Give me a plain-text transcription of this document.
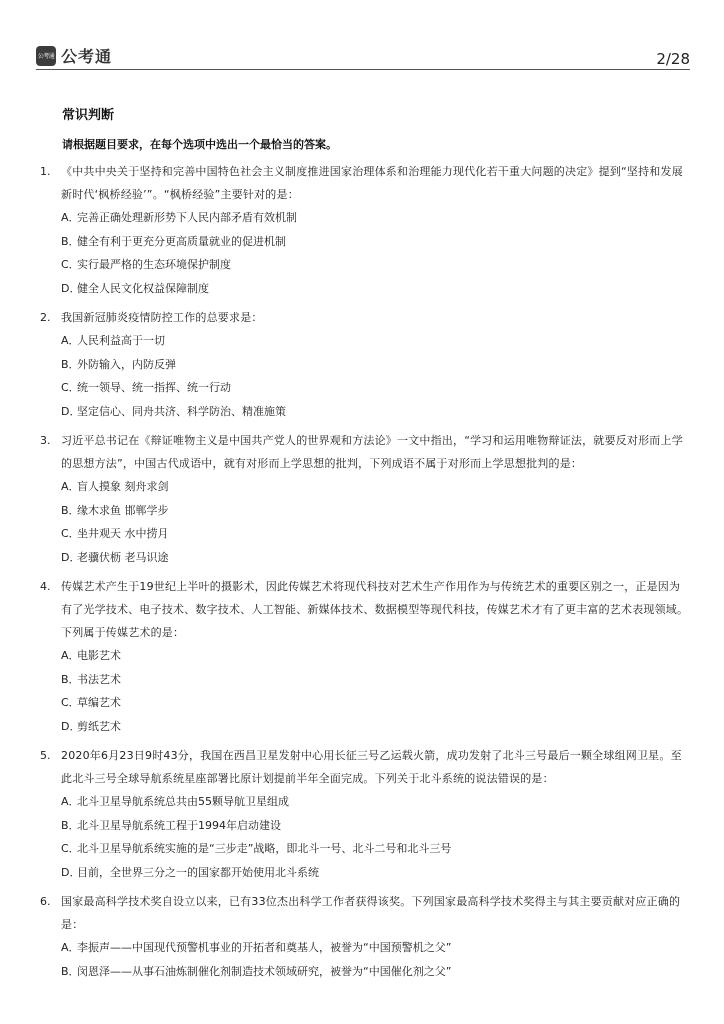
公考通 公考通	2/28
常识判断
请根据题目要求，在每个选项中选出一个最恰当的答案。
1. 《中共中央关于坚持和完善中国特色社会主义制度推进国家治理体系和治理能力现代化若干重大问题的决定》提到“坚持和发展新时代‘枫桥经验’”。“枫桥经验”主要针对的是：
A．完善正确处理新形势下人民内部矛盾有效机制
B．健全有利于更充分更高质量就业的促进机制
C．实行最严格的生态环境保护制度
D．健全人民文化权益保障制度
2. 我国新冠肺炎疫情防控工作的总要求是：
A．人民利益高于一切
B．外防输入，内防反弹
C．统一领导、统一指挥、统一行动
D．坚定信心、同舟共济、科学防治、精准施策
3. 习近平总书记在《辩证唯物主义是中国共产党人的世界观和方法论》一文中指出，“学习和运用唯物辩证法，就要反对形而上学的思想方法”，中国古代成语中，就有对形而上学思想的批判，下列成语不属于对形而上学思想批判的是：
A．盲人摸象 刻舟求剑
B．缘木求鱼 邯郸学步
C．坐井观天 水中捞月
D．老骥伏枥 老马识途
4. 传媒艺术产生于19世纪上半叶的摄影术，因此传媒艺术将现代科技对艺术生产作用作为与传统艺术的重要区别之一，正是因为有了光学技术、电子技术、数字技术、人工智能、新媒体技术、数据模型等现代科技，传媒艺术才有了更丰富的艺术表现领域。下列属于传媒艺术的是：
A．电影艺术
B．书法艺术
C．草编艺术
D．剪纸艺术
5. 2020年6月23日9时43分，我国在西昌卫星发射中心用长征三号乙运载火箭，成功发射了北斗三号最后一颗全球组网卫星。至此北斗三号全球导航系统星座部署比原计划提前半年全面完成。下列关于北斗系统的说法错误的是：
A．北斗卫星导航系统总共由55颗导航卫星组成
B．北斗卫星导航系统工程于1994年启动建设
C．北斗卫星导航系统实施的是“三步走”战略，即北斗一号、北斗二号和北斗三号
D．目前，全世界三分之一的国家都开始使用北斗系统
6. 国家最高科学技术奖自设立以来，已有33位杰出科学工作者获得该奖。下列国家最高科学技术奖得主与其主要贡献对应正确的是：
A．李振声——中国现代预警机事业的开拓者和奠基人，被誉为“中国预警机之父”
B．闵恩泽——从事石油炼制催化剂制造技术领域研究，被誉为“中国催化剂之父”
